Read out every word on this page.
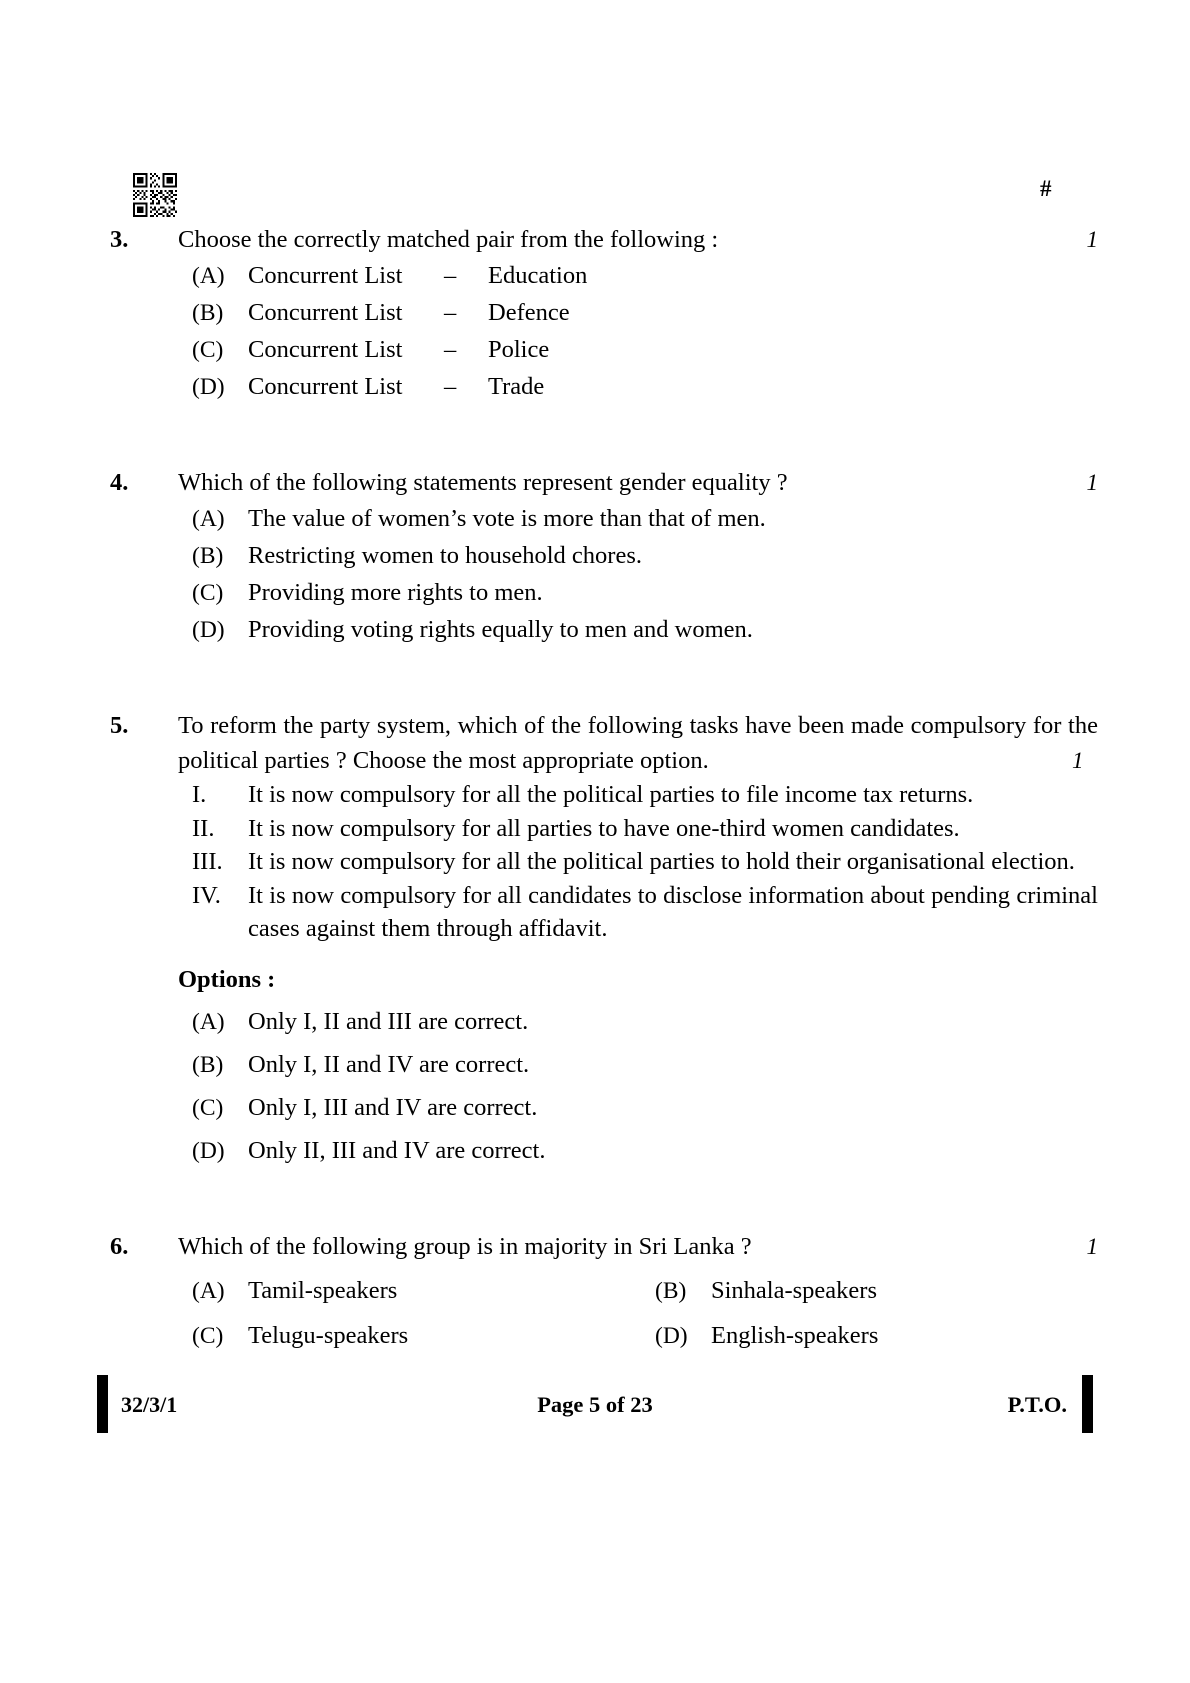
#
3.	Choose the correctly matched pair from the following :	1

(A) Concurrent List	–	Education
(B)	Concurrent List	–	Defence
(C)	Concurrent List	–	Police
(D) Concurrent List	–	Trade
4.	Which of the following statements represent gender equality ?	1

(A) The value of women’s vote is more than that of men.
(B)	Restricting women to household chores.
(C)	Providing more rights to men.
(D) Providing voting rights equally to men and women.
5.	To reform the party system, which of the following tasks have been made compulsory for the political parties ? Choose the most appropriate option.	1

I.	It is now compulsory for all the political parties to file income tax returns.
II.	It is now compulsory for all parties to have one-third women candidates.
III.	It is now compulsory for all the political parties to hold their organisational election.
IV.	It is now compulsory for all candidates to disclose information about pending criminal cases against them through affidavit.
Options :
(A) Only I, II and III are correct.
(B)	Only I, II and IV are correct.
(C)	Only I, III and IV are correct.
(D) Only II, III and IV are correct.
6.	Which of the following group is in majority in Sri Lanka ?	1

(A) Tamil-speakers	(B)	Sinhala-speakers
(C)	Telugu-speakers	(D) English-speakers
32/3/1	Page 5 of 23	P.T.O.
